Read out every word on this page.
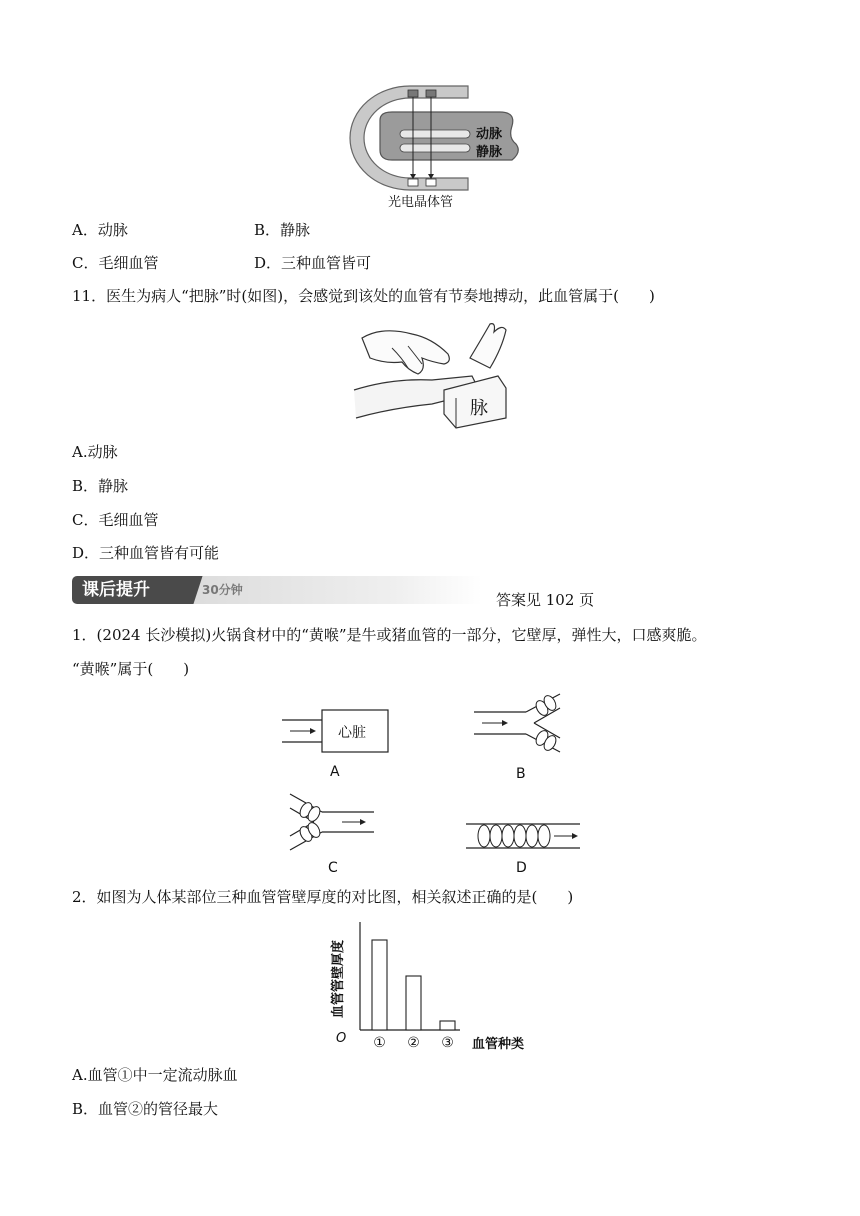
动脉
静脉
光电晶体管
A．动脉	B．静脉
C．毛细血管	D．三种血管皆可
11．医生为病人“把脉”时(如图)，会感觉到该处的血管有节奏地搏动，此血管属于(　　)
脉
A.动脉
B．静脉
C．毛细血管
D．三种血管皆有可能
课后提升	30分钟
答案见 102 页
1．(2024 长沙模拟)火锅食材中的“黄喉”是牛或猪血管的一部分，它壁厚，弹性大，口感爽脆。
“黄喉”属于(　　)
心脏
A	B
C	D
2．如图为人体某部位三种血管管壁厚度的对比图，相关叙述正确的是(　　)
O
血管管壁厚度
血管种类
① ② ③
A.血管①中一定流动脉血
B．血管②的管径最大
